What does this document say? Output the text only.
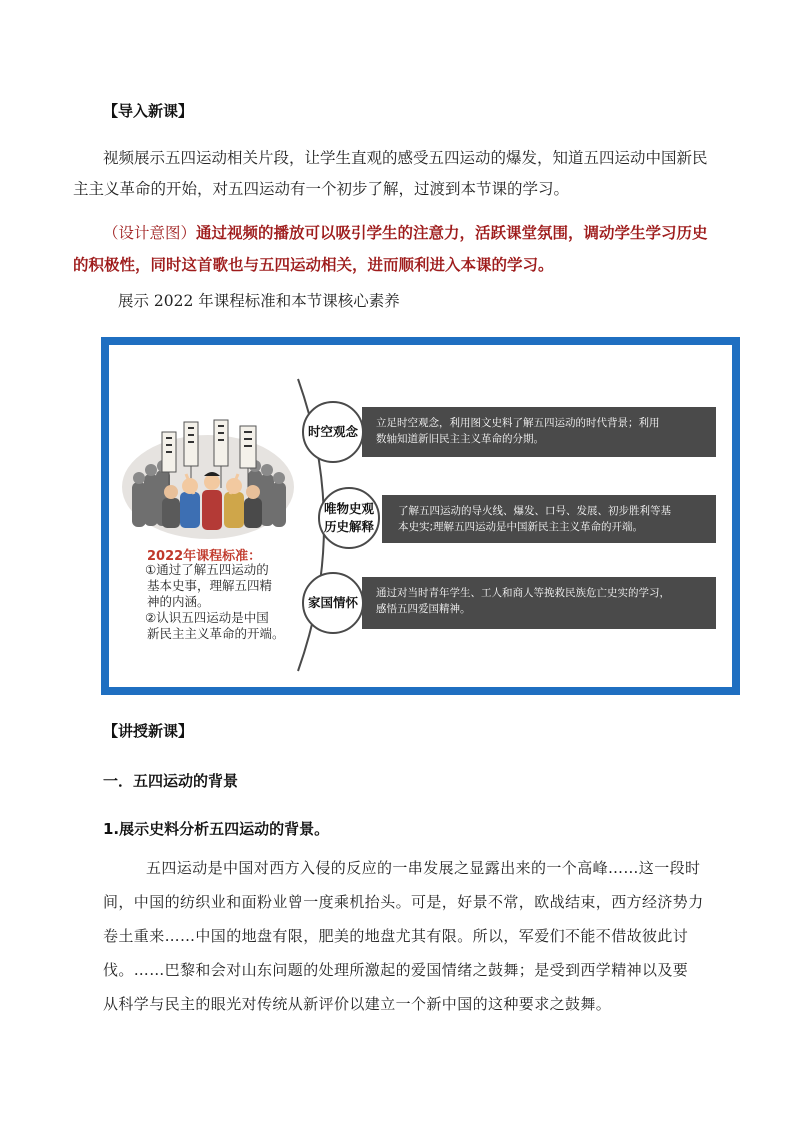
【导入新课】
视频展示五四运动相关片段，让学生直观的感受五四运动的爆发，知道五四运动中国新民
主主义革命的开始，对五四运动有一个初步了解，过渡到本节课的学习。
（设计意图）通过视频的播放可以吸引学生的注意力，活跃课堂氛围，调动学生学习历史
的积极性，同时这首歌也与五四运动相关，进而顺利进入本课的学习。
展示 2022 年课程标准和本节课核心素养
2022年课程标准：
①通过了解五四运动的
基本史事，理解五四精
神的内涵。
②认识五四运动是中国
新民主主义革命的开端。
立足时空观念，利用图文史料了解五四运动的时代背景；利用
数轴知道新旧民主主义革命的分期。
时空观念
了解五四运动的导火线、爆发、口号、发展、初步胜利等基
本史实;理解五四运动是中国新民主主义革命的开端。
唯物史观
历史解释
通过对当时青年学生、工人和商人等挽救民族危亡史实的学习，
感悟五四爱国精神。
家国情怀
【讲授新课】
一．五四运动的背景
1.展示史料分析五四运动的背景。
五四运动是中国对西方入侵的反应的一串发展之显露出来的一个高峰……这一段时
间，中国的纺织业和面粉业曾一度乘机抬头。可是，好景不常，欧战结束，西方经济势力
卷土重来……中国的地盘有限，肥美的地盘尤其有限。所以，军爱们不能不借故彼此讨
伐。……巴黎和会对山东问题的处理所激起的爱国情绪之鼓舞；是受到西学精神以及要
从科学与民主的眼光对传统从新评价以建立一个新中国的这种要求之鼓舞。
